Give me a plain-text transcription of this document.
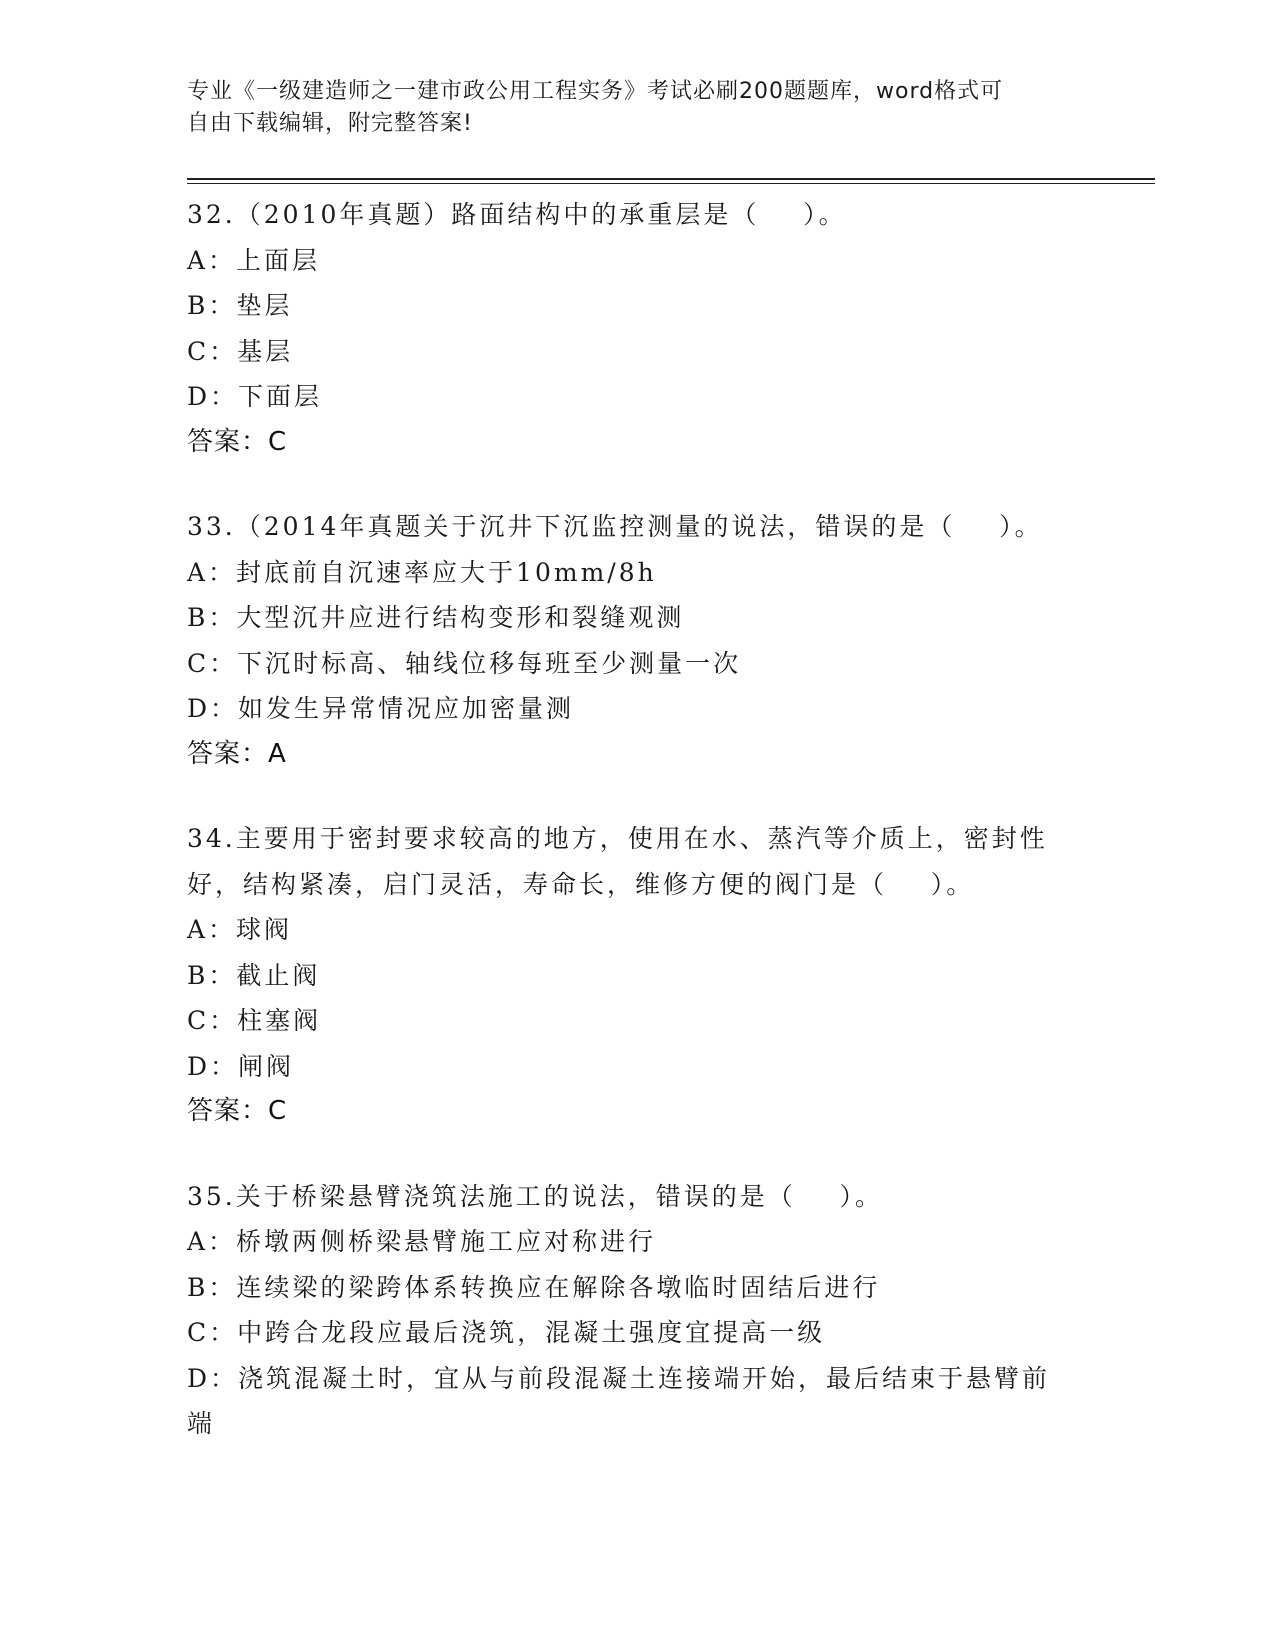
专业《一级建造师之一建市政公用工程实务》考试必刷200题题库，word格式可
自由下载编辑，附完整答案!
32.（2010年真题）路面结构中的承重层是（    ）。
A：上面层
B：垫层
C：基层
D：下面层
答案：C
33.（2014年真题关于沉井下沉监控测量的说法，错误的是（    ）。
A：封底前自沉速率应大于10mm/8h
B：大型沉井应进行结构变形和裂缝观测
C：下沉时标高、轴线位移每班至少测量一次
D：如发生异常情况应加密量测
答案：A
34.主要用于密封要求较高的地方，使用在水、蒸汽等介质上，密封性好，结构紧凑，启门灵活，寿命长，维修方便的阀门是（    ）。
A：球阀
B：截止阀
C：柱塞阀
D：闸阀
答案：C
35.关于桥梁悬臂浇筑法施工的说法，错误的是（    ）。
A：桥墩两侧桥梁悬臂施工应对称进行
B：连续梁的梁跨体系转换应在解除各墩临时固结后进行
C：中跨合龙段应最后浇筑，混凝土强度宜提高一级
D：浇筑混凝土时，宜从与前段混凝土连接端开始，最后结束于悬臂前端
